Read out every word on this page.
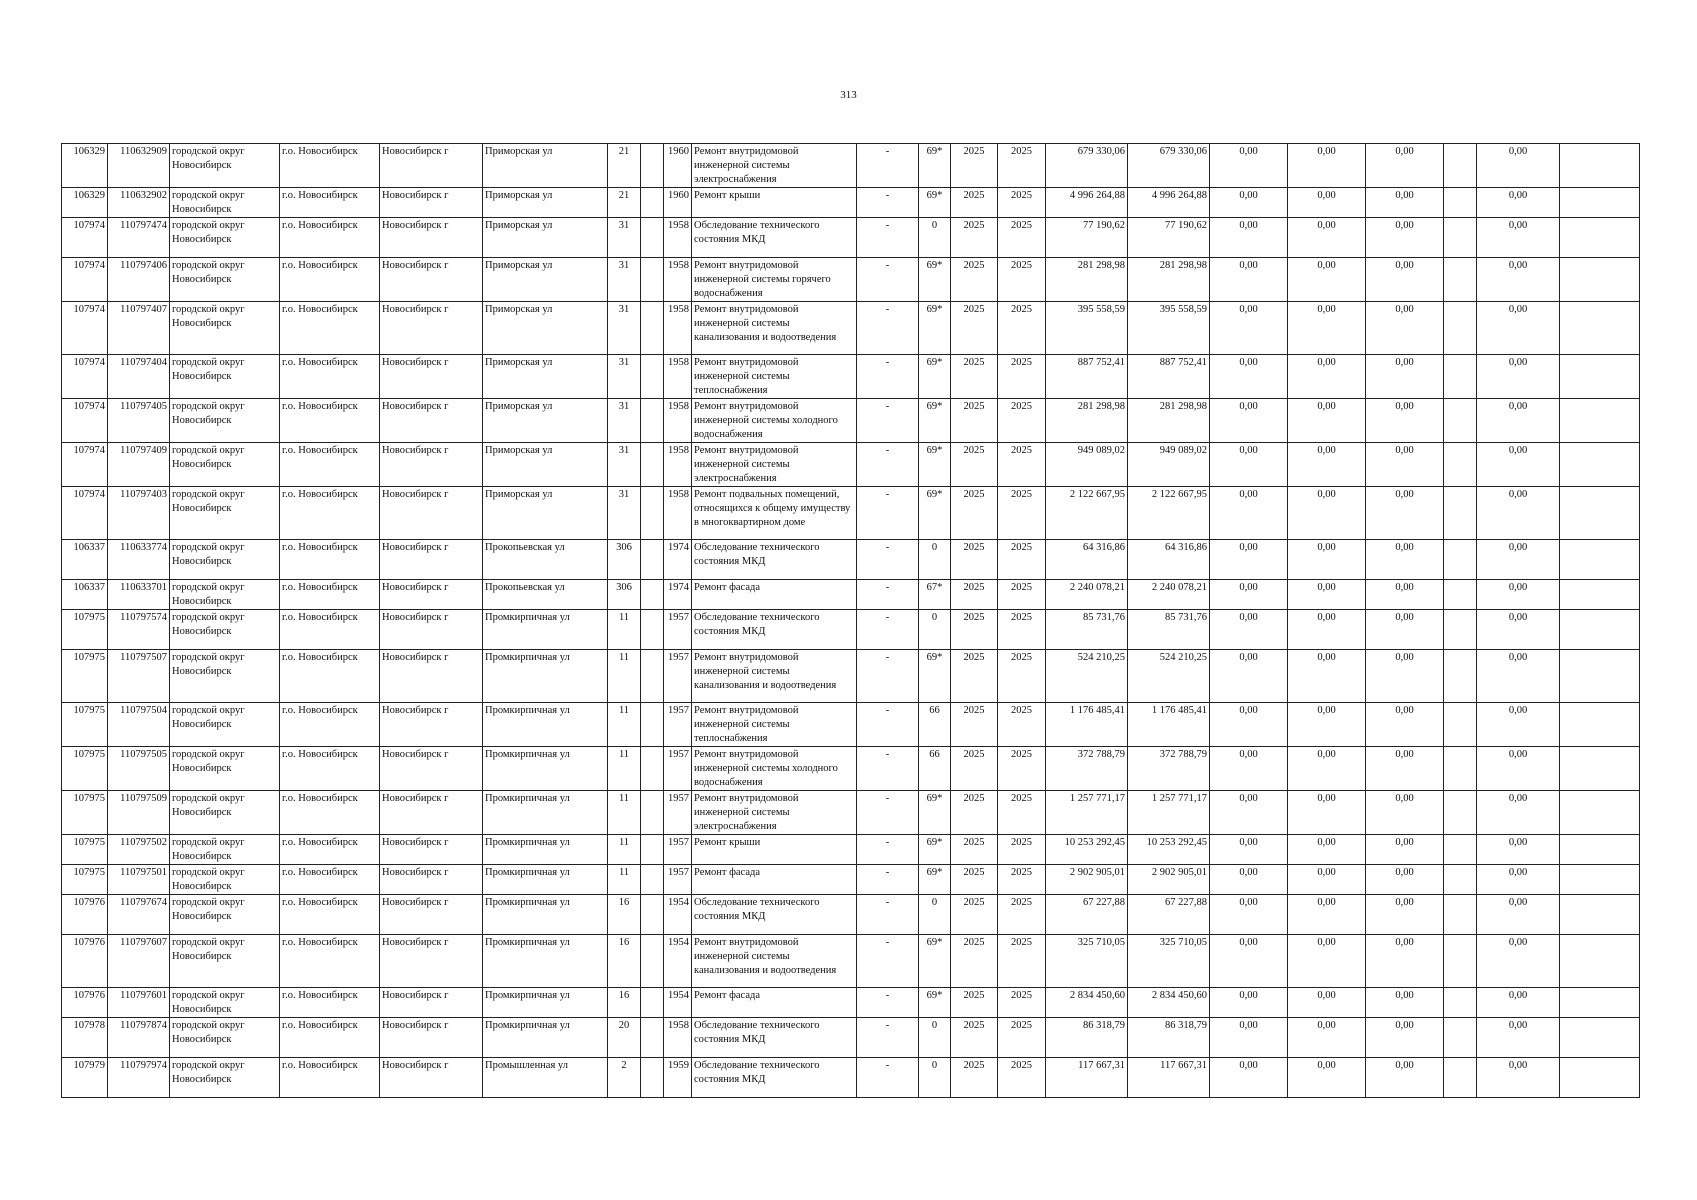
313
106329	110632909	городской округ Новосибирск	г.о. Новосибирск	Новосибирск г	Приморская ул	21		1960	Ремонт внутридомовой инженерной системы электроснабжения	-	69*	2025	2025	679 330,06	679 330,06	0,00	0,00	0,00		0,00	
106329	110632902	городской округ Новосибирск	г.о. Новосибирск	Новосибирск г	Приморская ул	21		1960	Ремонт крыши	-	69*	2025	2025	4 996 264,88	4 996 264,88	0,00	0,00	0,00		0,00	
107974	110797474	городской округ Новосибирск	г.о. Новосибирск	Новосибирск г	Приморская ул	31		1958	Обследование технического состояния МКД	-	0	2025	2025	77 190,62	77 190,62	0,00	0,00	0,00		0,00	
107974	110797406	городской округ Новосибирск	г.о. Новосибирск	Новосибирск г	Приморская ул	31		1958	Ремонт внутридомовой инженерной системы горячего водоснабжения	-	69*	2025	2025	281 298,98	281 298,98	0,00	0,00	0,00		0,00	
107974	110797407	городской округ Новосибирск	г.о. Новосибирск	Новосибирск г	Приморская ул	31		1958	Ремонт внутридомовой инженерной системы канализования и водоотведения	-	69*	2025	2025	395 558,59	395 558,59	0,00	0,00	0,00		0,00	
107974	110797404	городской округ Новосибирск	г.о. Новосибирск	Новосибирск г	Приморская ул	31		1958	Ремонт внутридомовой инженерной системы теплоснабжения	-	69*	2025	2025	887 752,41	887 752,41	0,00	0,00	0,00		0,00	
107974	110797405	городской округ Новосибирск	г.о. Новосибирск	Новосибирск г	Приморская ул	31		1958	Ремонт внутридомовой инженерной системы холодного водоснабжения	-	69*	2025	2025	281 298,98	281 298,98	0,00	0,00	0,00		0,00	
107974	110797409	городской округ Новосибирск	г.о. Новосибирск	Новосибирск г	Приморская ул	31		1958	Ремонт внутридомовой инженерной системы электроснабжения	-	69*	2025	2025	949 089,02	949 089,02	0,00	0,00	0,00		0,00	
107974	110797403	городской округ Новосибирск	г.о. Новосибирск	Новосибирск г	Приморская ул	31		1958	Ремонт подвальных помещений, относящихся к общему имуществу в многоквартирном доме	-	69*	2025	2025	2 122 667,95	2 122 667,95	0,00	0,00	0,00		0,00	
106337	110633774	городской округ Новосибирск	г.о. Новосибирск	Новосибирск г	Прокопьевская ул	306		1974	Обследование технического состояния МКД	-	0	2025	2025	64 316,86	64 316,86	0,00	0,00	0,00		0,00	
106337	110633701	городской округ Новосибирск	г.о. Новосибирск	Новосибирск г	Прокопьевская ул	306		1974	Ремонт фасада	-	67*	2025	2025	2 240 078,21	2 240 078,21	0,00	0,00	0,00		0,00	
107975	110797574	городской округ Новосибирск	г.о. Новосибирск	Новосибирск г	Промкирпичная ул	11		1957	Обследование технического состояния МКД	-	0	2025	2025	85 731,76	85 731,76	0,00	0,00	0,00		0,00	
107975	110797507	городской округ Новосибирск	г.о. Новосибирск	Новосибирск г	Промкирпичная ул	11		1957	Ремонт внутридомовой инженерной системы канализования и водоотведения	-	69*	2025	2025	524 210,25	524 210,25	0,00	0,00	0,00		0,00	
107975	110797504	городской округ Новосибирск	г.о. Новосибирск	Новосибирск г	Промкирпичная ул	11		1957	Ремонт внутридомовой инженерной системы теплоснабжения	-	66	2025	2025	1 176 485,41	1 176 485,41	0,00	0,00	0,00		0,00	
107975	110797505	городской округ Новосибирск	г.о. Новосибирск	Новосибирск г	Промкирпичная ул	11		1957	Ремонт внутридомовой инженерной системы холодного водоснабжения	-	66	2025	2025	372 788,79	372 788,79	0,00	0,00	0,00		0,00	
107975	110797509	городской округ Новосибирск	г.о. Новосибирск	Новосибирск г	Промкирпичная ул	11		1957	Ремонт внутридомовой инженерной системы электроснабжения	-	69*	2025	2025	1 257 771,17	1 257 771,17	0,00	0,00	0,00		0,00	
107975	110797502	городской округ Новосибирск	г.о. Новосибирск	Новосибирск г	Промкирпичная ул	11		1957	Ремонт крыши	-	69*	2025	2025	10 253 292,45	10 253 292,45	0,00	0,00	0,00		0,00	
107975	110797501	городской округ Новосибирск	г.о. Новосибирск	Новосибирск г	Промкирпичная ул	11		1957	Ремонт фасада	-	69*	2025	2025	2 902 905,01	2 902 905,01	0,00	0,00	0,00		0,00	
107976	110797674	городской округ Новосибирск	г.о. Новосибирск	Новосибирск г	Промкирпичная ул	16		1954	Обследование технического состояния МКД	-	0	2025	2025	67 227,88	67 227,88	0,00	0,00	0,00		0,00	
107976	110797607	городской округ Новосибирск	г.о. Новосибирск	Новосибирск г	Промкирпичная ул	16		1954	Ремонт внутридомовой инженерной системы канализования и водоотведения	-	69*	2025	2025	325 710,05	325 710,05	0,00	0,00	0,00		0,00	
107976	110797601	городской округ Новосибирск	г.о. Новосибирск	Новосибирск г	Промкирпичная ул	16		1954	Ремонт фасада	-	69*	2025	2025	2 834 450,60	2 834 450,60	0,00	0,00	0,00		0,00	
107978	110797874	городской округ Новосибирск	г.о. Новосибирск	Новосибирск г	Промкирпичная ул	20		1958	Обследование технического состояния МКД	-	0	2025	2025	86 318,79	86 318,79	0,00	0,00	0,00		0,00	
107979	110797974	городской округ Новосибирск	г.о. Новосибирск	Новосибирск г	Промышленная ул	2		1959	Обследование технического состояния МКД	-	0	2025	2025	117 667,31	117 667,31	0,00	0,00	0,00		0,00	
